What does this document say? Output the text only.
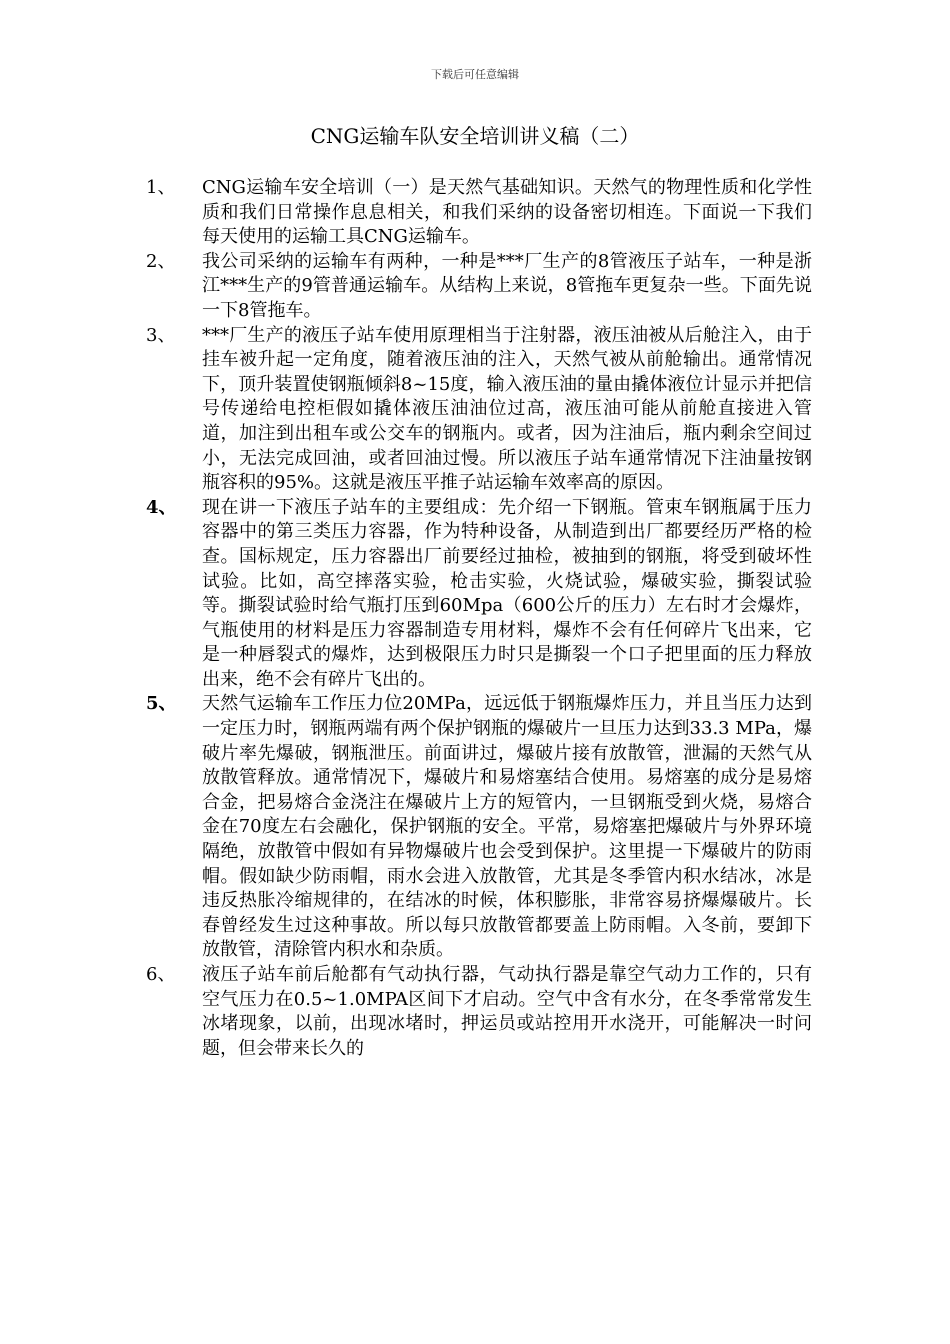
下载后可任意编辑
CNG运输车队安全培训讲义稿（二）
1、	CNG运输车安全培训（一）是天然气基础知识。天然气的物理性质和化学性质和我们日常操作息息相关，和我们采纳的设备密切相连。下面说一下我们每天使用的运输工具CNG运输车。
2、	我公司采纳的运输车有两种，一种是***厂生产的8管液压子站车，一种是浙江***生产的9管普通运输车。从结构上来说，8管拖车更复杂一些。下面先说一下8管拖车。
3、	***厂生产的液压子站车使用原理相当于注射器，液压油被从后舱注入，由于挂车被升起一定角度，随着液压油的注入，天然气被从前舱输出。通常情况下，顶升装置使钢瓶倾斜8~15度，输入液压油的量由撬体液位计显示并把信号传递给电控柜假如撬体液压油油位过高，液压油可能从前舱直接进入管道，加注到出租车或公交车的钢瓶内。或者，因为注油后，瓶内剩余空间过小，无法完成回油，或者回油过慢。所以液压子站车通常情况下注油量按钢瓶容积的95%。这就是液压平推子站运输车效率高的原因。
4、	现在讲一下液压子站车的主要组成：先介绍一下钢瓶。管束车钢瓶属于压力容器中的第三类压力容器，作为特种设备，从制造到出厂都要经历严格的检查。国标规定，压力容器出厂前要经过抽检，被抽到的钢瓶，将受到破坏性试验。比如，高空摔落实验，枪击实验，火烧试验，爆破实验，撕裂试验等。撕裂试验时给气瓶打压到60Mpa（600公斤的压力）左右时才会爆炸，气瓶使用的材料是压力容器制造专用材料，爆炸不会有任何碎片飞出来，它是一种唇裂式的爆炸，达到极限压力时只是撕裂一个口子把里面的压力释放出来，绝不会有碎片飞出的。
5、	天然气运输车工作压力位20MPa，远远低于钢瓶爆炸压力，并且当压力达到一定压力时，钢瓶两端有两个保护钢瓶的爆破片一旦压力达到33.3 MPa，爆破片率先爆破，钢瓶泄压。前面讲过，爆破片接有放散管，泄漏的天然气从放散管释放。通常情况下，爆破片和易熔塞结合使用。易熔塞的成分是易熔合金，把易熔合金浇注在爆破片上方的短管内，一旦钢瓶受到火烧，易熔合金在70度左右会融化，保护钢瓶的安全。平常，易熔塞把爆破片与外界环境隔绝，放散管中假如有异物爆破片也会受到保护。这里提一下爆破片的防雨帽。假如缺少防雨帽，雨水会进入放散管，尤其是冬季管内积水结冰，冰是违反热胀冷缩规律的，在结冰的时候，体积膨胀，非常容易挤爆爆破片。长春曾经发生过这种事故。所以每只放散管都要盖上防雨帽。入冬前，要卸下放散管，清除管内积水和杂质。
6、	液压子站车前后舱都有气动执行器，气动执行器是靠空气动力工作的，只有空气压力在0.5~1.0MPA区间下才启动。空气中含有水分，在冬季常常发生冰堵现象，以前，出现冰堵时，押运员或站控用开水浇开，可能解决一时问题，但会带来长久的
